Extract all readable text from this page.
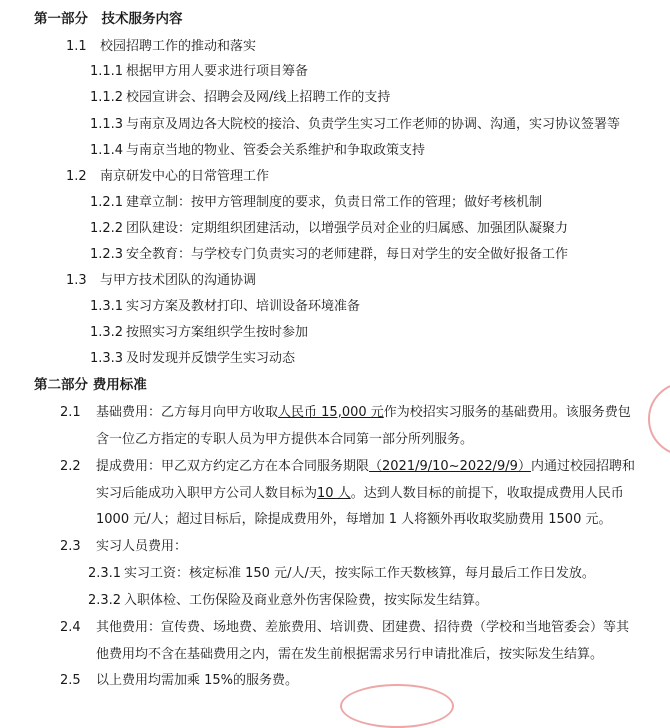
第一部分　技术服务内容
1.1 校园招聘工作的推动和落实
1.1.1 根据甲方用人要求进行项目筹备
1.1.2 校园宣讲会、招聘会及网/线上招聘工作的支持
1.1.3 与南京及周边各大院校的接洽、负责学生实习工作老师的协调、沟通，实习协议签署等
1.1.4 与南京当地的物业、管委会关系维护和争取政策支持
1.2 南京研发中心的日常管理工作
1.2.1 建章立制：按甲方管理制度的要求，负责日常工作的管理；做好考核机制
1.2.2 团队建设：定期组织团建活动，以增强学员对企业的归属感、加强团队凝聚力
1.2.3 安全教育：与学校专门负责实习的老师建群，每日对学生的安全做好报备工作
1.3 与甲方技术团队的沟通协调
1.3.1 实习方案及教材打印、培训设备环境准备
1.3.2 按照实习方案组织学生按时参加
1.3.3 及时发现并反馈学生实习动态
第二部分 费用标准
2.1 基础费用：乙方每月向甲方收取人民币 15,000 元作为校招实习服务的基础费用。该服务费包
含一位乙方指定的专职人员为甲方提供本合同第一部分所列服务。
2.2 提成费用：甲乙双方约定乙方在本合同服务期限（2021/9/10~2022/9/9）内通过校园招聘和
实习后能成功入职甲方公司人数目标为10 人。达到人数目标的前提下，收取提成费用人民币
1000 元/人；超过目标后，除提成费用外，每增加 1 人将额外再收取奖励费用 1500 元。
2.3 实习人员费用：
2.3.1 实习工资：核定标准 150 元/人/天，按实际工作天数核算，每月最后工作日发放。
2.3.2 入职体检、工伤保险及商业意外伤害保险费，按实际发生结算。
2.4 其他费用：宣传费、场地费、差旅费用、培训费、团建费、招待费（学校和当地管委会）等其
他费用均不含在基础费用之内，需在发生前根据需求另行申请批准后，按实际发生结算。
2.5 以上费用均需加乘 15%的服务费。
